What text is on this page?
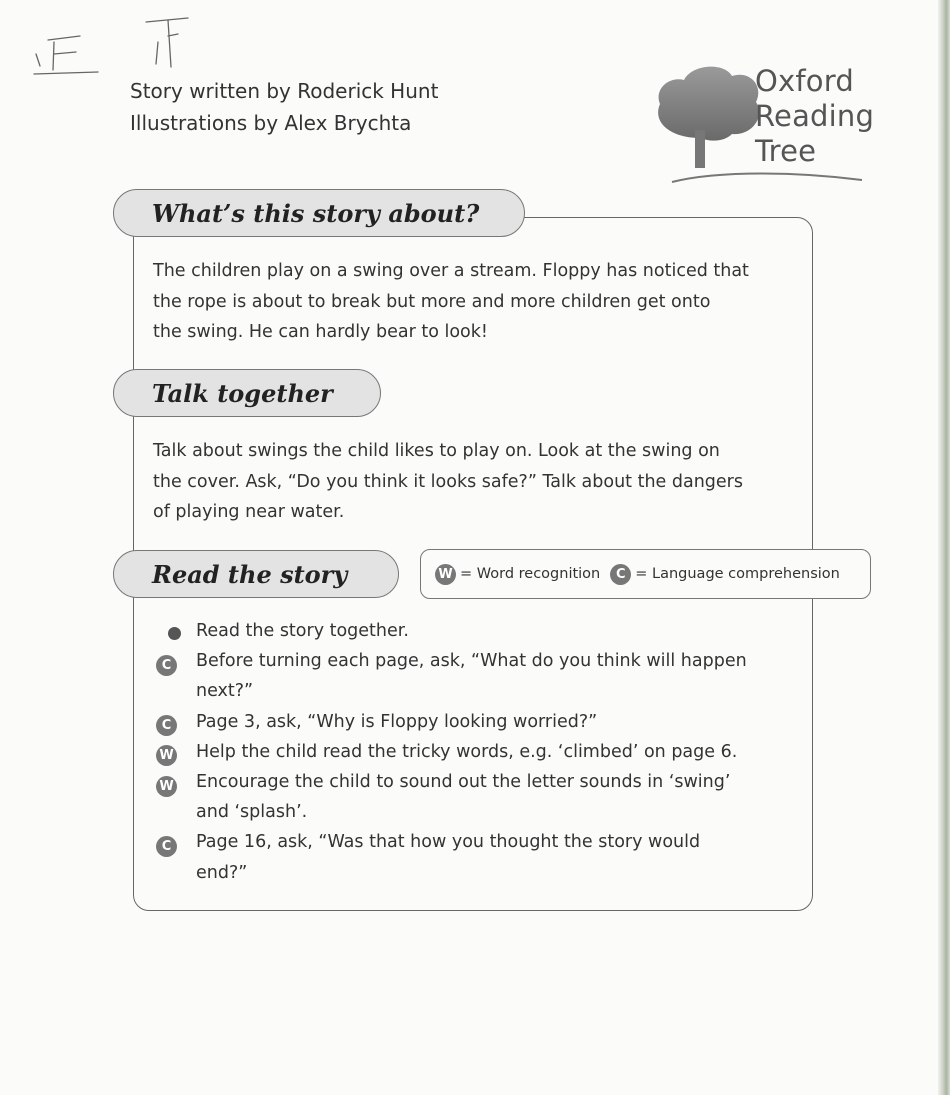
Story written by Roderick Hunt
Illustrations by Alex Brychta
Oxford
Reading
Tree
What’s this story about?
The children play on a swing over a stream. Floppy has noticed that
the rope is about to break but more and more children get onto
the swing. He can hardly bear to look!
Talk together
Talk about swings the child likes to play on. Look at the swing on
the cover. Ask, “Do you think it looks safe?” Talk about the dangers
of playing near water.
Read the story	W = Word recognition	C = Language comprehension
Read the story together.
C	Before turning each page, ask, “What do you think will happen
next?”
C	Page 3, ask, “Why is Floppy looking worried?”
W Help the child read the tricky words, e.g. ‘climbed’ on page 6.
W Encourage the child to sound out the letter sounds in ‘swing’
and ‘splash’.
C	Page 16, ask, “Was that how you thought the story would
end?”
